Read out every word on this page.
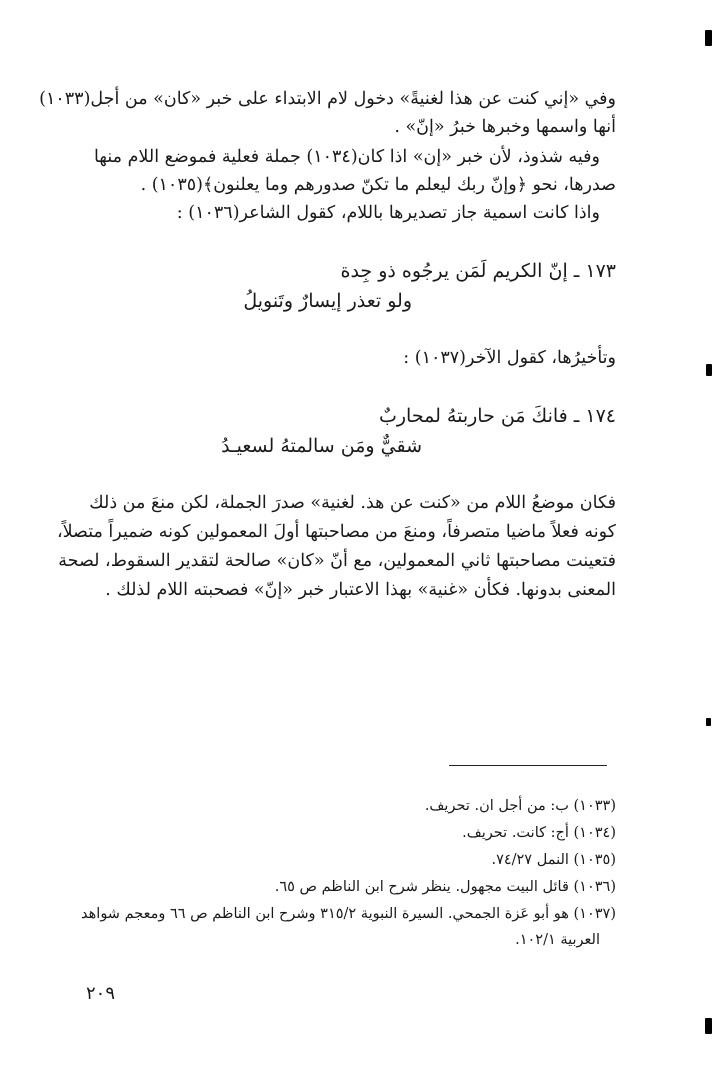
وفي «إني كنت عن هذا لغنيةً» دخول لام الابتداء على خبر «كان» من أجل(١٠٣٣)
أنها واسمها وخبرها خبرُ «إنّ» .
وفيه شذوذ، لأن خبر «إن» اذا كان(١٠٣٤) جملة فعلية فموضع اللام منها
صدرها، نحو ﴿وإنّ ربك ليعلم ما تكنّ صدورهم وما يعلنون﴾(١٠٣٥) .
واذا كانت اسمية جاز تصديرها باللام، كقول الشاعر(١٠٣٦) :
١٧٣ ـ إنّ الكريم لَمَن يرجُوه ذو جِدة
ولو تعذر إيسارٌ وتَنويلُ
وتأخيرُها، كقول الآخر(١٠٣٧) :
١٧٤ ـ فانكَ مَن حاربتهُ لمحاربٌ
شقيٌّ ومَن سالمتهُ لسعيـدُ
فكان موضعُ اللام من «كنت عن هذ. لغنية» صدرَ الجملة، لكن منعَ من ذلك
كونه فعلاً ماضيا متصرفاً، ومنعَ من مصاحبتها أولَ المعمولين كونه ضميراً متصلاً،
فتعينت مصاحبتها ثاني المعمولين، مع أنّ «كان» صالحة لتقدير السقوط، لصحة
المعنى بدونها. فكأن «غنية» بهذا الاعتبار خبر «إنّ» فصحبته اللام لذلك .
(١٠٣٣) ب: من أجل ان. تحريف.
(١٠٣٤) أج: كانت. تحريف.
(١٠٣٥) النمل ٧٤/٢٧.
(١٠٣٦) قائل البيت مجهول. ينظر شرح ابن الناظم ص ٦٥.
(١٠٣٧) هو أبو عَزة الجمحي. السيرة النبوية ٣١٥/٢ وشرح ابن الناظم ص ٦٦ ومعجم شواهد
العربية ١٠٢/١.
٢٠٩
